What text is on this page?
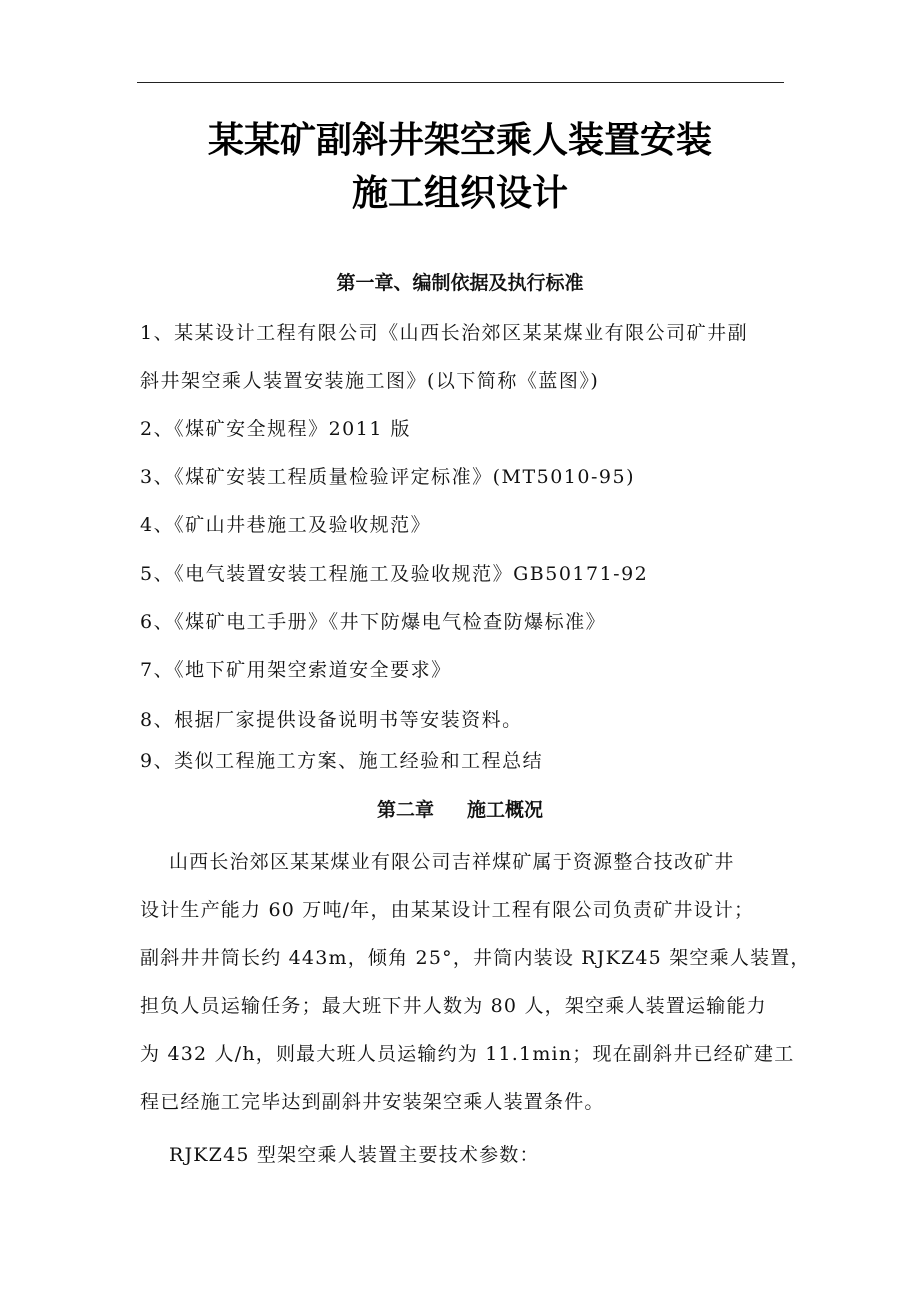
某某矿副斜井架空乘人装置安装
施工组织设计
第一章、编制依据及执行标准
1、某某设计工程有限公司《山西长治郊区某某煤业有限公司矿井副
斜井架空乘人装置安装施工图》(以下简称《蓝图》)
2、《煤矿安全规程》2011 版
3、《煤矿安装工程质量检验评定标准》(MT5010-95)
4、《矿山井巷施工及验收规范》
5、《电气装置安装工程施工及验收规范》GB50171-92
6、《煤矿电工手册》《井下防爆电气检查防爆标准》
7、《地下矿用架空索道安全要求》
8、根据厂家提供设备说明书等安装资料。
9、类似工程施工方案、施工经验和工程总结
第二章     施工概况
山西长治郊区某某煤业有限公司吉祥煤矿属于资源整合技改矿井
设计生产能力 60 万吨/年，由某某设计工程有限公司负责矿井设计；
副斜井井筒长约 443m，倾角 25°，井筒内装设 RJKZ45 架空乘人装置，
担负人员运输任务；最大班下井人数为 80 人，架空乘人装置运输能力
为 432 人/h，则最大班人员运输约为 11.1min；现在副斜井已经矿建工
程已经施工完毕达到副斜井安装架空乘人装置条件。
RJKZ45 型架空乘人装置主要技术参数：
